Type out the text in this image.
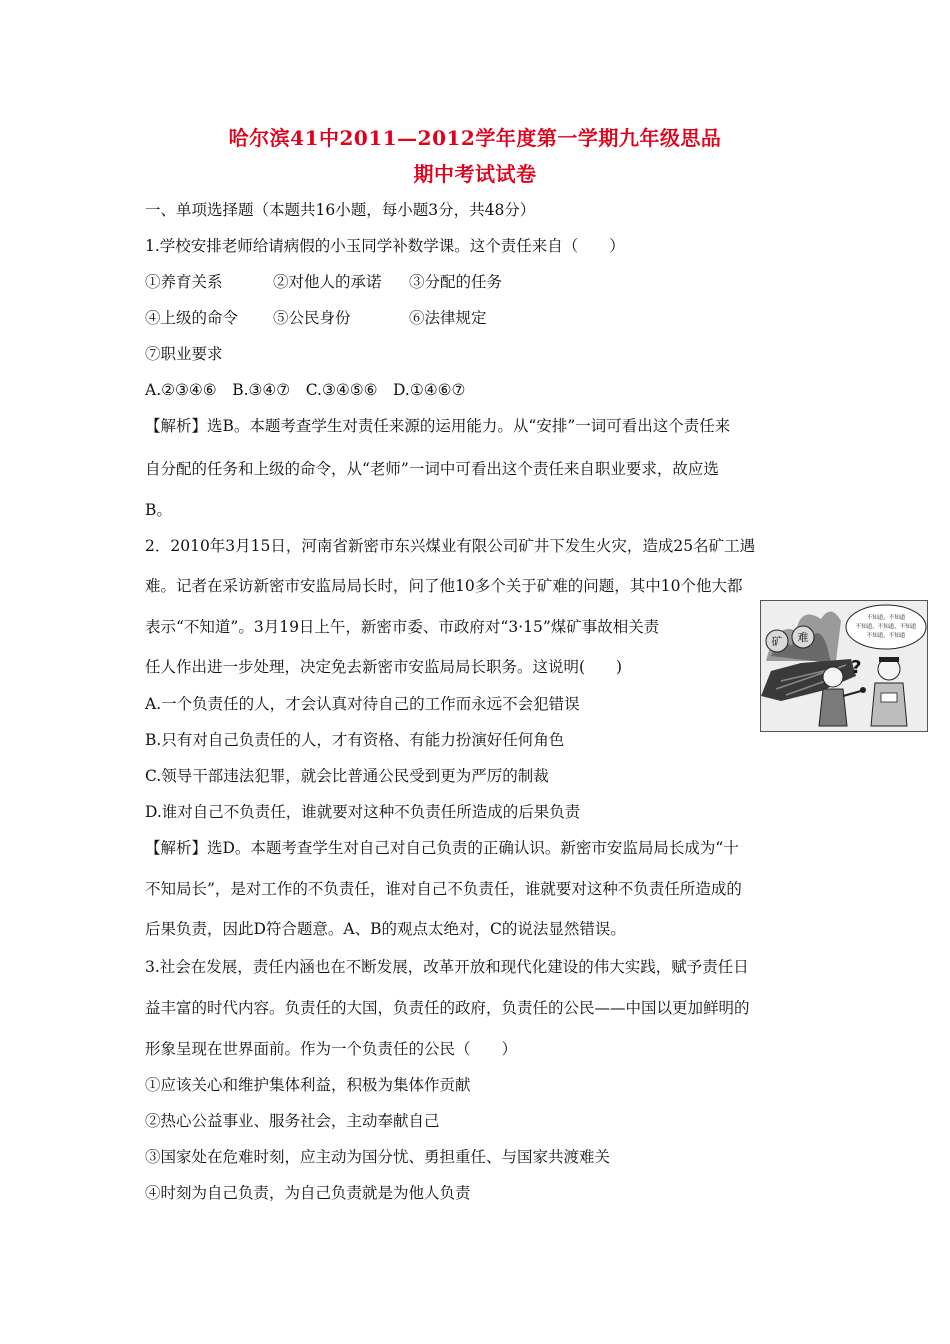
哈尔滨41中2011—2012学年度第一学期九年级思品
期中考试试卷
一、单项选择题（本题共16小题，每小题3分，共48分）
1.学校安排老师给请病假的小玉同学补数学课。这个责任来自（　　）
①养育关系	②对他人的承诺 ③分配的任务
④上级的命令 ⑤公民身份	⑥法律规定
⑦职业要求
A.②③④⑥　B.③④⑦　C.③④⑤⑥　D.①④⑥⑦
【解析】选B。本题考查学生对责任来源的运用能力。从“安排”一词可看出这个责任来
自分配的任务和上级的命令，从“老师”一词中可看出这个责任来自职业要求，故应选
B。
2．2010年3月15日，河南省新密市东兴煤业有限公司矿井下发生火灾，造成25名矿工遇
难。记者在采访新密市安监局局长时，问了他10多个关于矿难的问题，其中10个他大都
表示“不知道”。3月19日上午，新密市委、市政府对“3·15”煤矿事故相关责
任人作出进一步处理，决定免去新密市安监局局长职务。这说明(　　)
矿 难
不知道，不知道
不知道，不知道，不知道
不知道，不知道
?
A.一个负责任的人，才会认真对待自己的工作而永远不会犯错误
B.只有对自己负责任的人，才有资格、有能力扮演好任何角色
C.领导干部违法犯罪，就会比普通公民受到更为严厉的制裁
D.谁对自己不负责任，谁就要对这种不负责任所造成的后果负责
【解析】选D。本题考查学生对自己对自己负责的正确认识。新密市安监局局长成为“十
不知局长”，是对工作的不负责任，谁对自己不负责任，谁就要对这种不负责任所造成的
后果负责，因此D符合题意。A、B的观点太绝对，C的说法显然错误。
3.社会在发展，责任内涵也在不断发展，改革开放和现代化建设的伟大实践，赋予责任日
益丰富的时代内容。负责任的大国，负责任的政府，负责任的公民——中国以更加鲜明的
形象呈现在世界面前。作为一个负责任的公民（　　）
①应该关心和维护集体利益，积极为集体作贡献
②热心公益事业、服务社会，主动奉献自己
③国家处在危难时刻，应主动为国分忧、勇担重任、与国家共渡难关
④时刻为自己负责，为自己负责就是为他人负责
